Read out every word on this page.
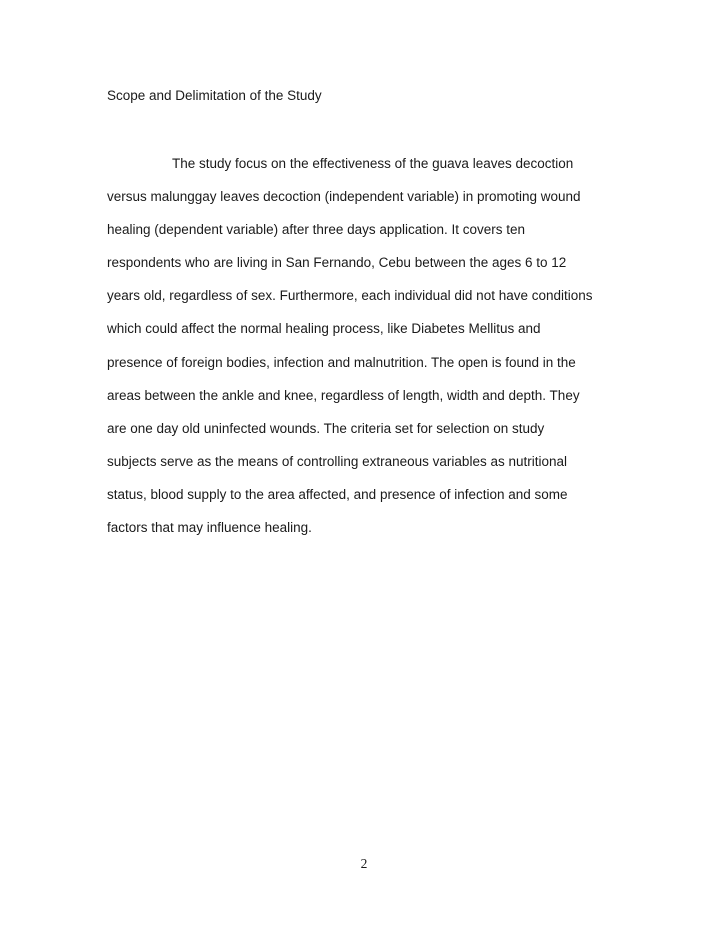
Scope and Delimitation of the Study
The study focus on the effectiveness of the guava leaves decoction
versus malunggay leaves decoction (independent variable) in promoting wound
healing (dependent variable) after three days application. It covers ten
respondents who are living in San Fernando, Cebu between the ages 6 to 12
years old, regardless of sex. Furthermore, each individual did not have conditions
which could affect the normal healing process, like Diabetes Mellitus and
presence of foreign bodies, infection and malnutrition. The open is found in the
areas between the ankle and knee, regardless of length, width and depth. They
are one day old uninfected wounds. The criteria set for selection on study
subjects serve as the means of controlling extraneous variables as nutritional
status, blood supply to the area affected, and presence of infection and some
factors that may influence healing.

2
